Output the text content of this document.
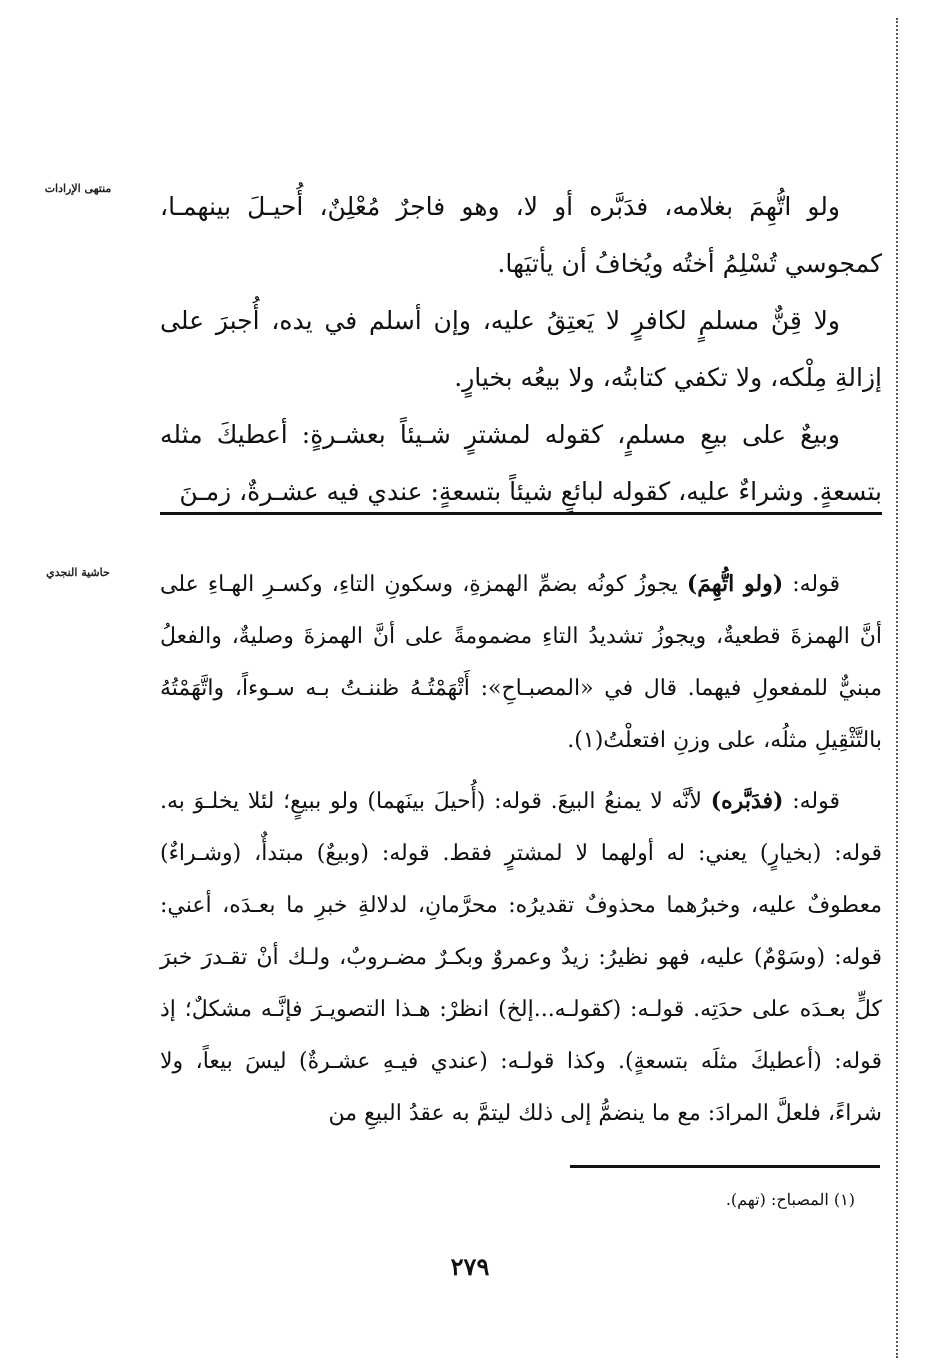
منتهى الإرادات
حاشية النجدي

ولو اتُّهِمَ بغلامه، فدَبَّره أو لا، وهو فاجرٌ مُعْلِنٌ، أُحيـلَ بينهمـا، كمجوسي تُسْلِمُ أختُه ويُخافُ أن يأتيَها.

ولا قِنٌّ مسلمٍ لكافرٍ لا يَعتِقُ عليه، وإن أسلم في يده، أُجبرَ على إزالةِ مِلْكه، ولا تكفي كتابتُه، ولا بيعُه بخيارٍ.

وبيعٌ على بيعِ مسلمٍ، كقوله لمشترٍ شـيئاً بعشـرةٍ: أعطيكَ مثله بتسعةٍ. وشراءٌ عليه، كقوله لبائعٍ شيئاً بتسعةٍ: عندي فيه عشـرةٌ، زمـنَ

قوله: (ولو اتُّهِمَ) يجوزُ كونُه بضمِّ الهمزةِ، وسكونِ التاءِ، وكسـرِ الهـاءِ على أنَّ الهمزةَ قطعيةٌ، ويجوزُ تشديدُ التاءِ مضمومةً على أنَّ الهمزةَ وصليةٌ، والفعلُ مبنيٌّ للمفعولِ فيهما. قال في «المصبـاحِ»: أَتْهَمْتُـهُ ظننـتُ بـه سـوءاً، واتَّهَمْتُهُ بالتَّثْقِيلِ مثلُه، على وزنِ افتعلْتُ(١).

قوله: (فدَبَّره) لأنَّه لا يمنعُ البيعَ. قوله: (أُحيلَ بينَهما) ولو ببيعٍ؛ لئلا يخلـوَ به. قوله: (بخيارٍ) يعني: له أولهما لا لمشترٍ فقط. قوله: (وبيعٌ) مبتدأٌ، (وشـراءٌ) معطوفٌ عليه، وخبرُهما محذوفٌ تقديرُه: محرَّمانِ، لدلالةِ خبرِ ما بعـدَه، أعني: قوله: (وسَوْمٌ) عليه، فهو نظيرُ: زيدٌ وعمروٌ وبكـرٌ مضـروبٌ، ولـك أنْ تقـدرَ خبرَ كلٍّ بعـدَه على حدَتِه. قولـه: (كقولـه...إلخ) انظرْ: هـذا التصويـرَ فإنَّـه مشكلٌ؛ إذ قوله: (أعطيكَ مثلَه بتسعةٍ). وكذا قولـه: (عندي فيـهِ عشـرةٌ) ليسَ بيعاً، ولا شراءً، فلعلَّ المرادَ: مع ما ينضمُّ إلى ذلك ليتمَّ به عقدُ البيعِ من

(١) المصباح: (تهم).
٢٧٩
